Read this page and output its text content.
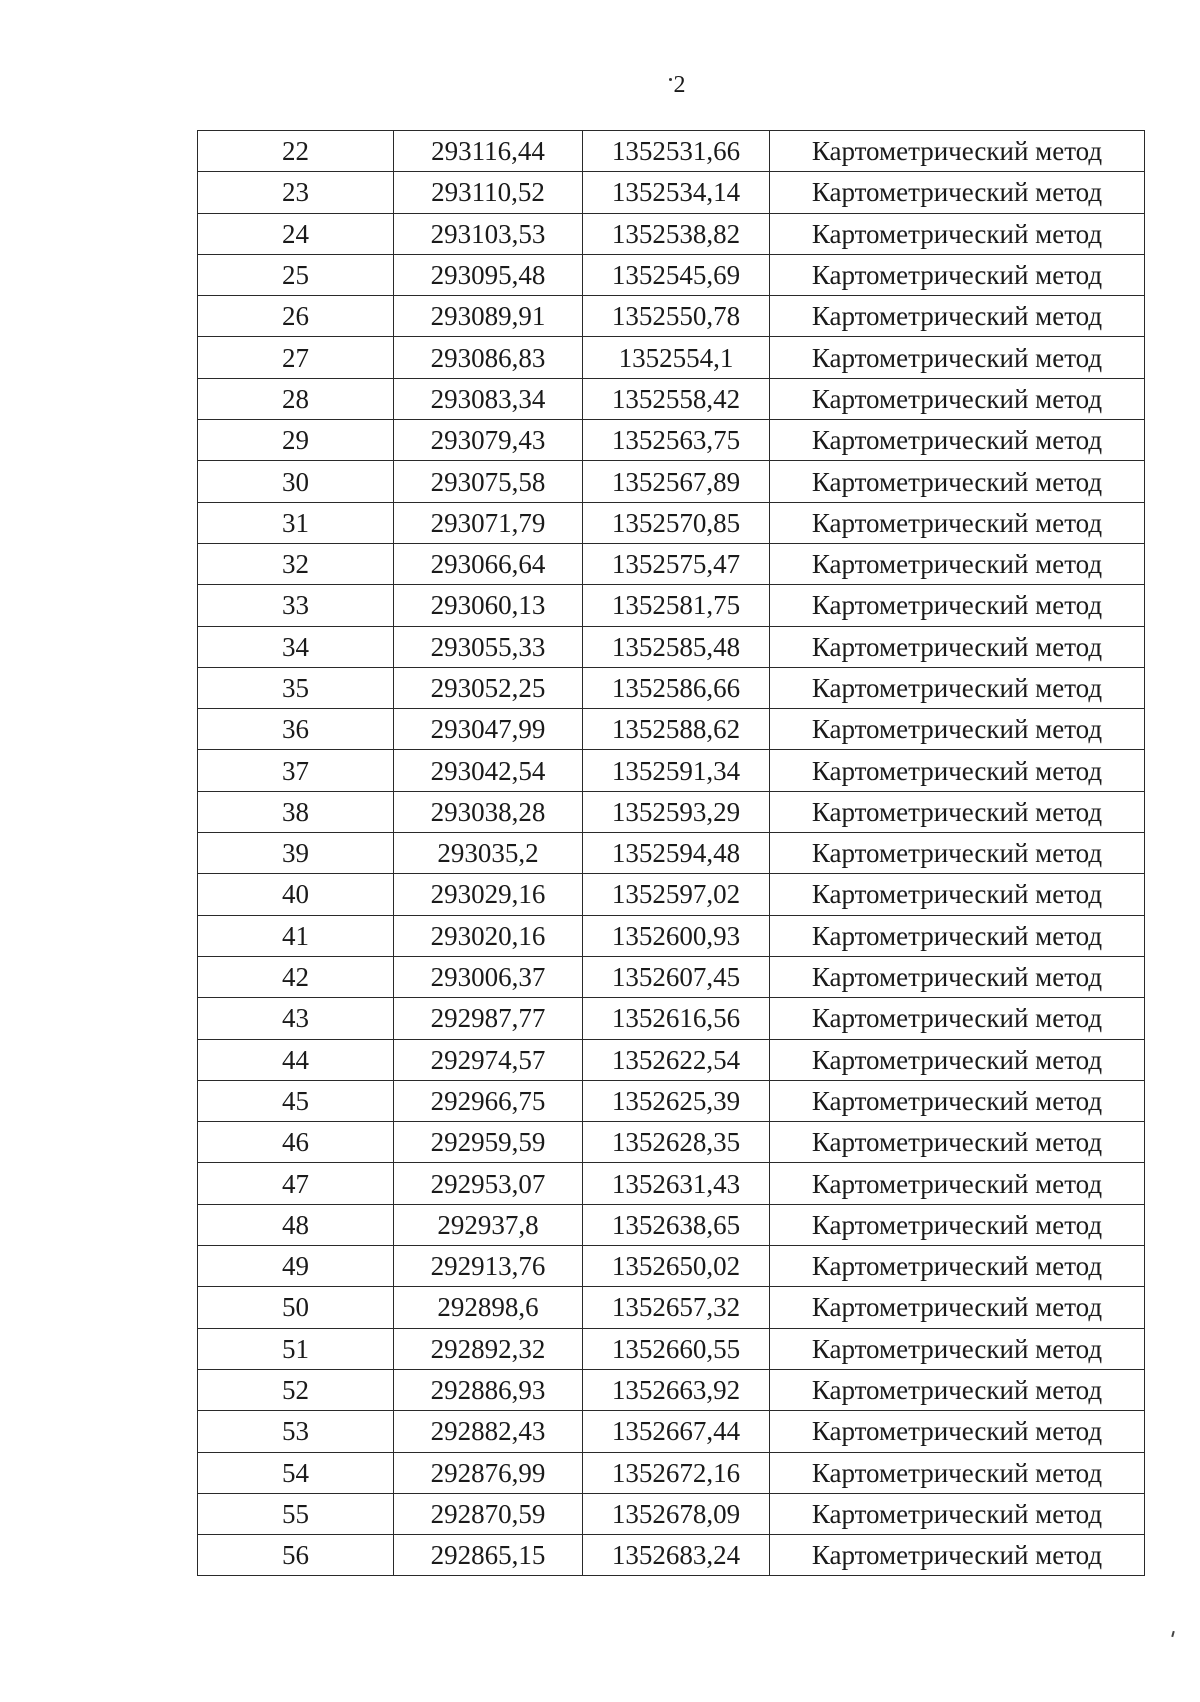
2
22	293116,44	1352531,66	Картометрический метод
23	293110,52	1352534,14	Картометрический метод
24	293103,53	1352538,82	Картометрический метод
25	293095,48	1352545,69	Картометрический метод
26	293089,91	1352550,78	Картометрический метод
27	293086,83	1352554,1	Картометрический метод
28	293083,34	1352558,42	Картометрический метод
29	293079,43	1352563,75	Картометрический метод
30	293075,58	1352567,89	Картометрический метод
31	293071,79	1352570,85	Картометрический метод
32	293066,64	1352575,47	Картометрический метод
33	293060,13	1352581,75	Картометрический метод
34	293055,33	1352585,48	Картометрический метод
35	293052,25	1352586,66	Картометрический метод
36	293047,99	1352588,62	Картометрический метод
37	293042,54	1352591,34	Картометрический метод
38	293038,28	1352593,29	Картометрический метод
39	293035,2	1352594,48	Картометрический метод
40	293029,16	1352597,02	Картометрический метод
41	293020,16	1352600,93	Картометрический метод
42	293006,37	1352607,45	Картометрический метод
43	292987,77	1352616,56	Картометрический метод
44	292974,57	1352622,54	Картометрический метод
45	292966,75	1352625,39	Картометрический метод
46	292959,59	1352628,35	Картометрический метод
47	292953,07	1352631,43	Картометрический метод
48	292937,8	1352638,65	Картометрический метод
49	292913,76	1352650,02	Картометрический метод
50	292898,6	1352657,32	Картометрический метод
51	292892,32	1352660,55	Картометрический метод
52	292886,93	1352663,92	Картометрический метод
53	292882,43	1352667,44	Картометрический метод
54	292876,99	1352672,16	Картометрический метод
55	292870,59	1352678,09	Картометрический метод
56	292865,15	1352683,24	Картометрический метод
